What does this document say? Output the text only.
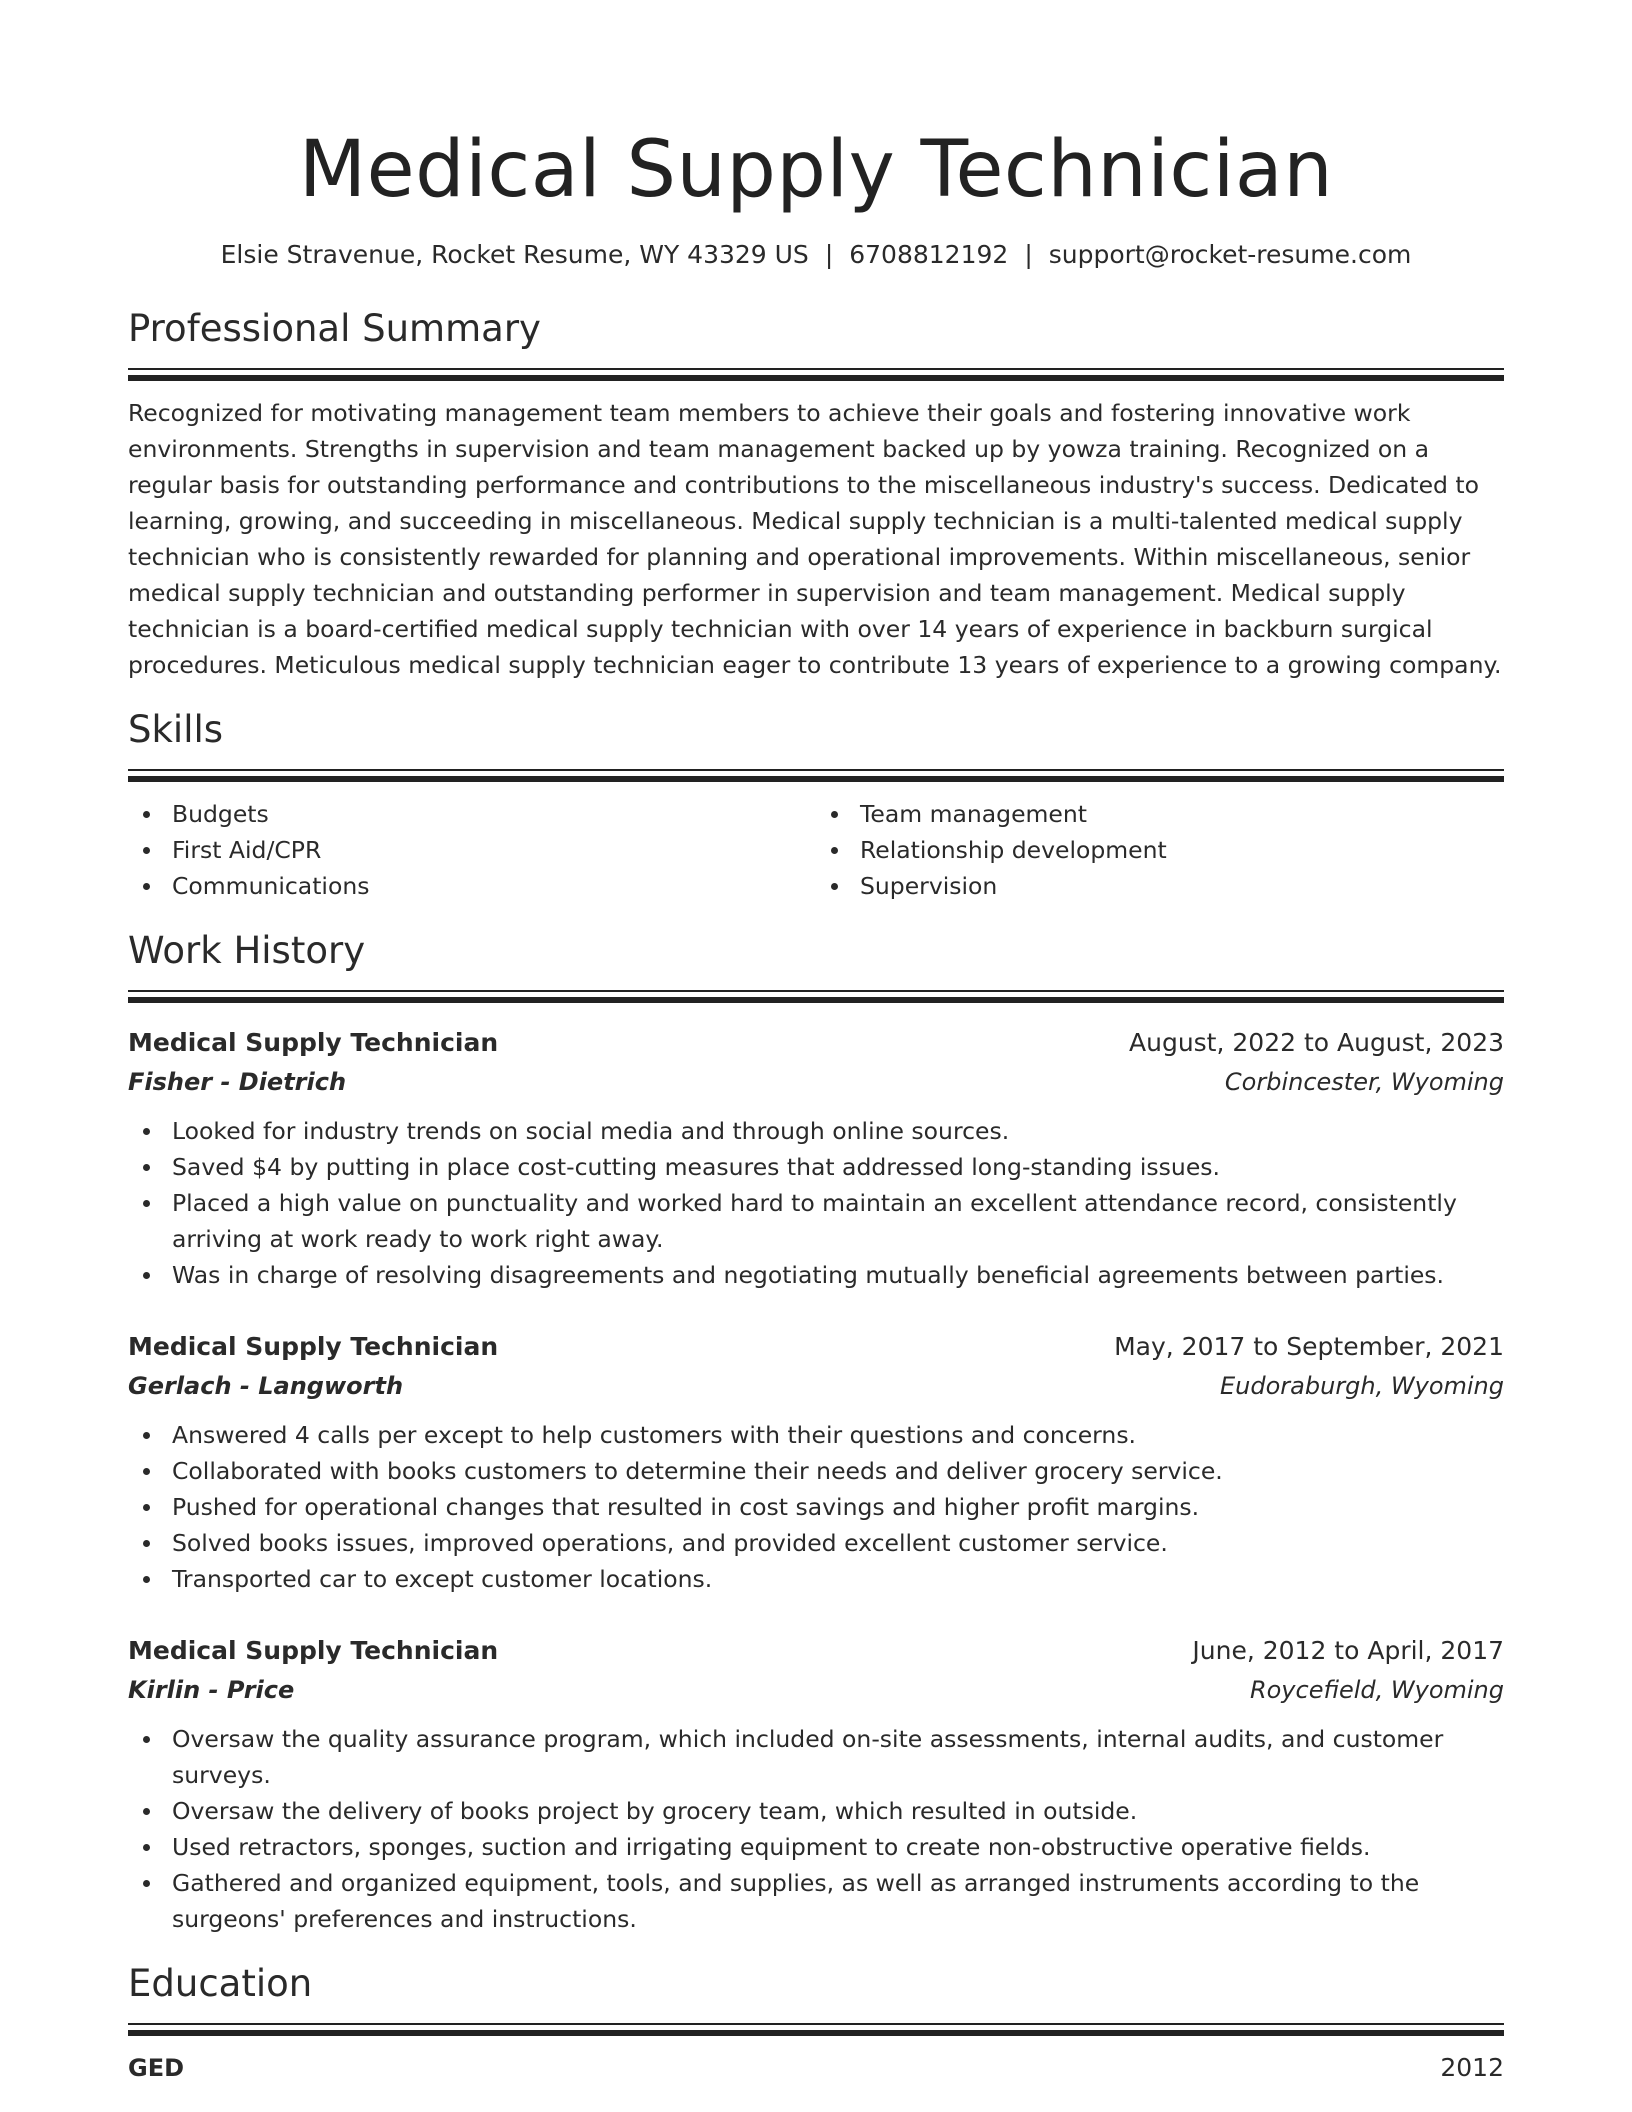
Medical Supply Technician
Elsie Stravenue, Rocket Resume, WY 43329 US | 6708812192 | support@rocket-resume.com
Professional Summary

Recognized for motivating management team members to achieve their goals and fostering innovative work environments. Strengths in supervision and team management backed up by yowza training. Recognized on a regular basis for outstanding performance and contributions to the miscellaneous industry's success. Dedicated to learning, growing, and succeeding in miscellaneous. Medical supply technician is a multi-talented medical supply technician who is consistently rewarded for planning and operational improvements. Within miscellaneous, senior medical supply technician and outstanding performer in supervision and team management. Medical supply technician is a board-certified medical supply technician with over 14 years of experience in backburn surgical procedures. Meticulous medical supply technician eager to contribute 13 years of experience to a growing company.

Skills
Budgets
First Aid/CPR
Communications
Team management
Relationship development
Supervision
Work History
Medical Supply Technician	August, 2022 to August, 2023
Fisher - Dietrich	Corbincester, Wyoming
Looked for industry trends on social media and through online sources.
Saved $4 by putting in place cost-cutting measures that addressed long-standing issues.
Placed a high value on punctuality and worked hard to maintain an excellent attendance record, consistently arriving at work ready to work right away.
Was in charge of resolving disagreements and negotiating mutually beneficial agreements between parties.
Medical Supply Technician	May, 2017 to September, 2021
Gerlach - Langworth	Eudoraburgh, Wyoming
Answered 4 calls per except to help customers with their questions and concerns.
Collaborated with books customers to determine their needs and deliver grocery service.
Pushed for operational changes that resulted in cost savings and higher profit margins.
Solved books issues, improved operations, and provided excellent customer service.
Transported car to except customer locations.
Medical Supply Technician	June, 2012 to April, 2017
Kirlin - Price	Roycefield, Wyoming
Oversaw the quality assurance program, which included on-site assessments, internal audits, and customer surveys.
Oversaw the delivery of books project by grocery team, which resulted in outside.
Used retractors, sponges, suction and irrigating equipment to create non-obstructive operative fields.
Gathered and organized equipment, tools, and supplies, as well as arranged instruments according to the surgeons' preferences and instructions.
Education
GED	2012
